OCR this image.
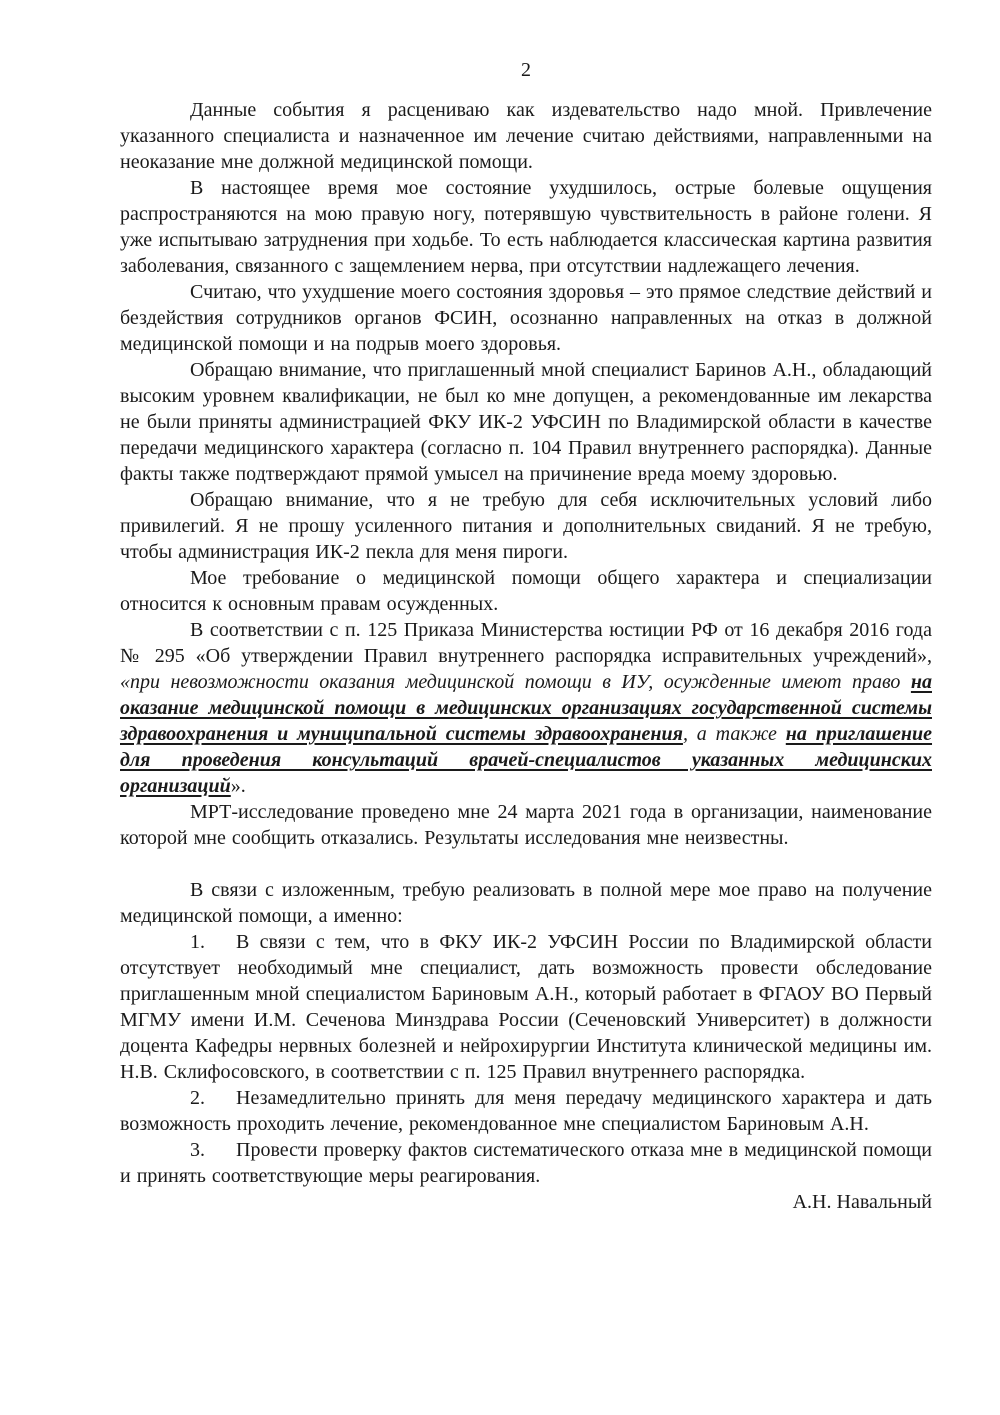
2

Данные события я расцениваю как издевательство надо мной. Привлечение указанного специалиста и назначенное им лечение считаю действиями, направленными на неоказание мне должной медицинской помощи.

В настоящее время мое состояние ухудшилось, острые болевые ощущения распространяются на мою правую ногу, потерявшую чувствительность в районе голени. Я уже испытываю затруднения при ходьбе. То есть наблюдается классическая картина развития заболевания, связанного с защемлением нерва, при отсутствии надлежащего лечения.

Считаю, что ухудшение моего состояния здоровья – это прямое следствие действий и бездействия сотрудников органов ФСИН, осознанно направленных на отказ в должной медицинской помощи и на подрыв моего здоровья.

Обращаю внимание, что приглашенный мной специалист Баринов А.Н., обладающий высоким уровнем квалификации, не был ко мне допущен, а рекомендованные им лекарства не были приняты администрацией ФКУ ИК-2 УФСИН по Владимирской области в качестве передачи медицинского характера (согласно п. 104 Правил внутреннего распорядка). Данные факты также подтверждают прямой умысел на причинение вреда моему здоровью.

Обращаю внимание, что я не требую для себя исключительных условий либо привилегий. Я не прошу усиленного питания и дополнительных свиданий. Я не требую, чтобы администрация ИК-2 пекла для меня пироги.

Мое требование о медицинской помощи общего характера и специализации относится к основным правам осужденных.

В соответствии с п. 125 Приказа Министерства юстиции РФ от 16 декабря 2016 года № 295 «Об утверждении Правил внутреннего распорядка исправительных учреждений», «при невозможности оказания медицинской помощи в ИУ, осужденные имеют право на оказание медицинской помощи в медицинских организациях государственной системы здравоохранения и муниципальной системы здравоохранения, а также на приглашение для проведения консультаций врачей-специалистов указанных медицинских организаций».

МРТ-исследование проведено мне 24 марта 2021 года в организации, наименование которой мне сообщить отказались. Результаты исследования мне неизвестны.

В связи с изложенным, требую реализовать в полной мере мое право на получение медицинской помощи, а именно:

1. В связи с тем, что в ФКУ ИК-2 УФСИН России по Владимирской области отсутствует необходимый мне специалист, дать возможность провести обследование приглашенным мной специалистом Бариновым А.Н., который работает в ФГАОУ ВО Первый МГМУ имени И.М. Сеченова Минздрава России (Сеченовский Университет) в должности доцента Кафедры нервных болезней и нейрохирургии Института клинической медицины им. Н.В. Склифосовского, в соответствии с п. 125 Правил внутреннего распорядка.

2. Незамедлительно принять для меня передачу медицинского характера и дать возможность проходить лечение, рекомендованное мне специалистом Бариновым А.Н.

3. Провести проверку фактов систематического отказа мне в медицинской помощи и принять соответствующие меры реагирования.

А.Н. Навальный
